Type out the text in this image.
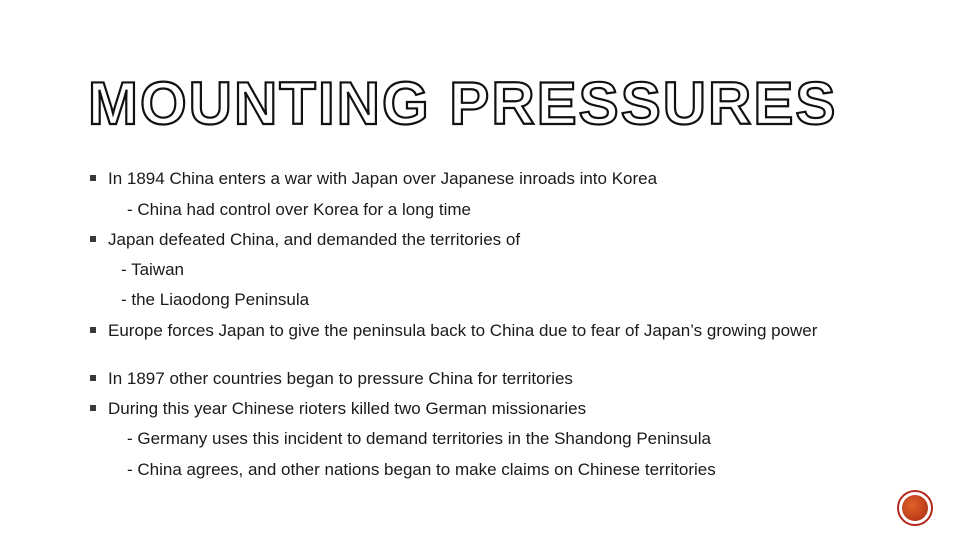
MOUNTING PRESSURES
In 1894 China enters a war with Japan over Japanese inroads into Korea
- China had control over Korea for a long time
Japan defeated China, and demanded the territories of
- Taiwan
- the Liaodong Peninsula
Europe forces Japan to give the peninsula back to China due to fear of Japan’s growing power
In 1897 other countries began to pressure China for territories
During this year Chinese rioters killed two German missionaries
- Germany uses this incident to demand territories in the Shandong Peninsula
- China agrees, and other nations began to make claims on Chinese territories
